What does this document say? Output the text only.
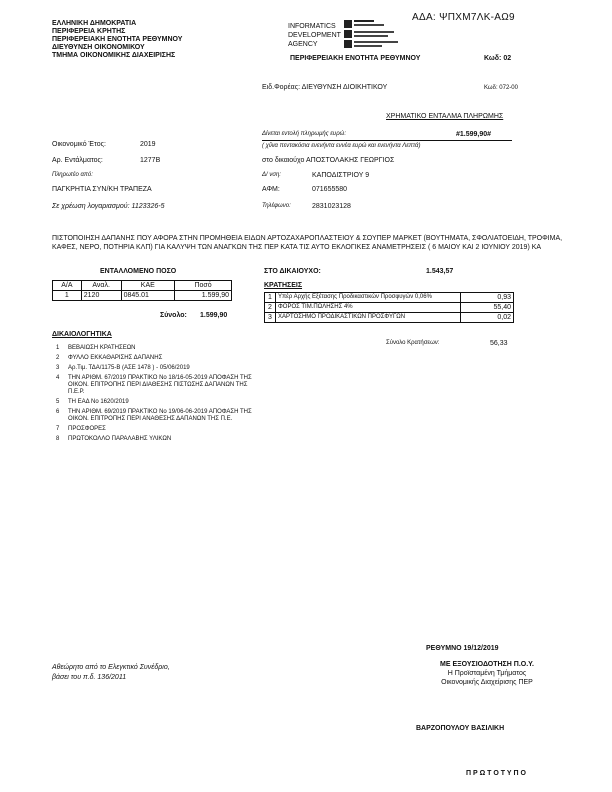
ΕΛΛΗΝΙΚΗ ΔΗΜΟΚΡΑΤΙΑ
ΠΕΡΙΦΕΡΕΙΑ ΚΡΗΤΗΣ
ΠΕΡΙΦΕΡΕΙΑΚΗ ΕΝΟΤΗΤΑ ΡΕΘΥΜΝΟΥ
ΔΙΕΥΘΥΝΣΗ ΟΙΚΟΝΟΜΙΚΟΥ
ΤΜΗΜΑ ΟΙΚΟΝΟΜΙΚΗΣ ΔΙΑΧΕΙΡΙΣΗΣ
INFORMATICS
DEVELOPMENT
AGENCY
ΑΔΑ: ΨΠΧΜ7ΛΚ-ΑΩ9
ΠΕΡΙΦΕΡΕΙΑΚΗ ΕΝΟΤΗΤΑ ΡΕΘΥΜΝΟΥ	Κωδ: 02
Ειδ.Φορέας: ΔΙΕΥΘΥΝΣΗ ΔΙΟΙΚΗΤΙΚΟΥ	Κωδ: 072-00
ΧΡΗΜΑΤΙΚΟ ΕΝΤΑΛΜΑ ΠΛΗΡΩΜΗΣ
Δίνεται εντολή πληρωμής ευρώ:	#1.599,90#
Οικονομικό Έτος:	2019	( χίλια πεντακόσια ενενήντα εννέα ευρώ και ενενήντα Λεπτά)
Αρ. Εντάλματος:	1277Β	στο δικαιούχο ΑΠΟΣΤΟΛΑΚΗΣ ΓΕΩΡΓΙΟΣ
Πληρωτέο από:	Δ/ νση:	ΚΑΠΟΔΙΣΤΡΙΟΥ 9
ΠΑΓΚΡΗΤΙΑ ΣΥΝ/ΚΗ ΤΡΑΠΕΖΑ	ΑΦΜ:	071655580
Σε χρέωση λογαριασμού: 1123326-5	Τηλέφωνο:	2831023128
ΠΙΣΤΟΠΟΙΗΣΗ ΔΑΠΑΝΗΣ ΠΟΥ ΑΦΟΡΑ ΣΤΗΝ ΠΡΟΜΗΘΕΙΑ ΕΙΔΩΝ ΑΡΤΟΖΑΧΑΡΟΠΛΑΣΤΕΙΟΥ & ΣΟΥΠΕΡ ΜΑΡΚΕΤ (ΒΟΥΤΗΜΑΤΑ, ΣΦΟΛΙΑΤΟΕΙΔΗ, ΤΡΟΦΙΜΑ, ΚΑΦΕΣ, ΝΕΡΟ, ΠΟΤΗΡΙΑ ΚΛΠ) ΓΙΑ ΚΑΛΥΨΗ ΤΩΝ ΑΝΑΓΚΩΝ ΤΗΣ ΠΕΡ ΚΑΤΑ ΤΙΣ ΑΥΤΟ ΕΚΛΟΓΙΚΕΣ ΑΝΑΜΕΤΡΗΣΕΙΣ ( 6 ΜΑΙΟΥ ΚΑΙ 2 ΙΟΥΝΙΟΥ 2019) ΚΑ
ΕΝΤΑΛΛΟΜΕΝΟ ΠΟΣΟ
Α/Α	Αναλ.	ΚΑΕ	Ποσό
1	2120	0845.01	1.599,90
Σύνολο: 1.599,90
ΣΤΟ ΔΙΚΑΙΟΥΧΟ:	1.543,57
ΚΡΑΤΗΣΕΙΣ
1	Υπέρ Αρχής Εξέτασης Προδικαστικών Προσφυγών 0,06%	0,93
2	ΦΟΡΟΣ ΤΙΜ.ΠΩΛΗΣΗΣ 4%	55,40
3	ΧΑΡΤΟΣΗΜΟ ΠΡΟΔΙΚΑΣΤΙΚΩΝ ΠΡΟΣΦΥΓΩΝ	0,02
Σύνολο Κρατήσεων:	56,33
ΔΙΚΑΙΟΛΟΓΗΤΙΚΑ
1	ΒΕΒΑΙΩΣΗ ΚΡΑΤΗΣΕΩΝ
2	ΦΥΛΛΟ ΕΚΚΑΘΑΡΙΣΗΣ ΔΑΠΑΝΗΣ
3	Αρ.Τιμ. ΤΔΑ/1175-Β (ΑΣΕ 1478 ) - 05/06/2019
4	ΤΗΝ ΑΡΙΘΜ. 67/2019 ΠΡΑΚΤΙΚΟ Νο 18/16-05-2019 ΑΠΟΦΑΣΗ ΤΗΣ ΟΙΚΟΝ. ΕΠΙΤΡΟΠΗΣ ΠΕΡΙ ΔΙΑΘΕΣΗΣ ΠΙΣΤΩΣΗΣ ΔΑΠΑΝΩΝ ΤΗΣ Π.Ε.Ρ.
5	ΤΗ ΕΑΔ Νο 1620/2019
6	ΤΗΝ ΑΡΙΘΜ. 69/2019 ΠΡΑΚΤΙΚΟ Νο 19/06-06-2019 ΑΠΟΦΑΣΗ ΤΗΣ ΟΙΚΟΝ. ΕΠΙΤΡΟΠΗΣ ΠΕΡΙ ΑΝΑΘΕΣΗΣ ΔΑΠΑΝΩΝ ΤΗΣ Π.Ε.
7	ΠΡΟΣΦΟΡΕΣ
8	ΠΡΩΤΟΚΟΛΛΟ ΠΑΡΑΛΑΒΗΣ ΥΛΙΚΩΝ
ΡΕΘΥΜΝΟ 19/12/2019
Αθεώρητο από το Ελεγκτικό Συνέδριο,
βάσει του π.δ. 136/2011
ΜΕ ΕΞΟΥΣΙΟΔΟΤΗΣΗ Π.Ο.Υ.
Η Προϊσταμένη Τμήματος
Οικονομικής Διαχείρισης ΠΕΡ
ΒΑΡΖΟΠΟΥΛΟΥ ΒΑΣΙΛΙΚΗ
Π Ρ Ω Τ Ο Τ Υ Π Ο
